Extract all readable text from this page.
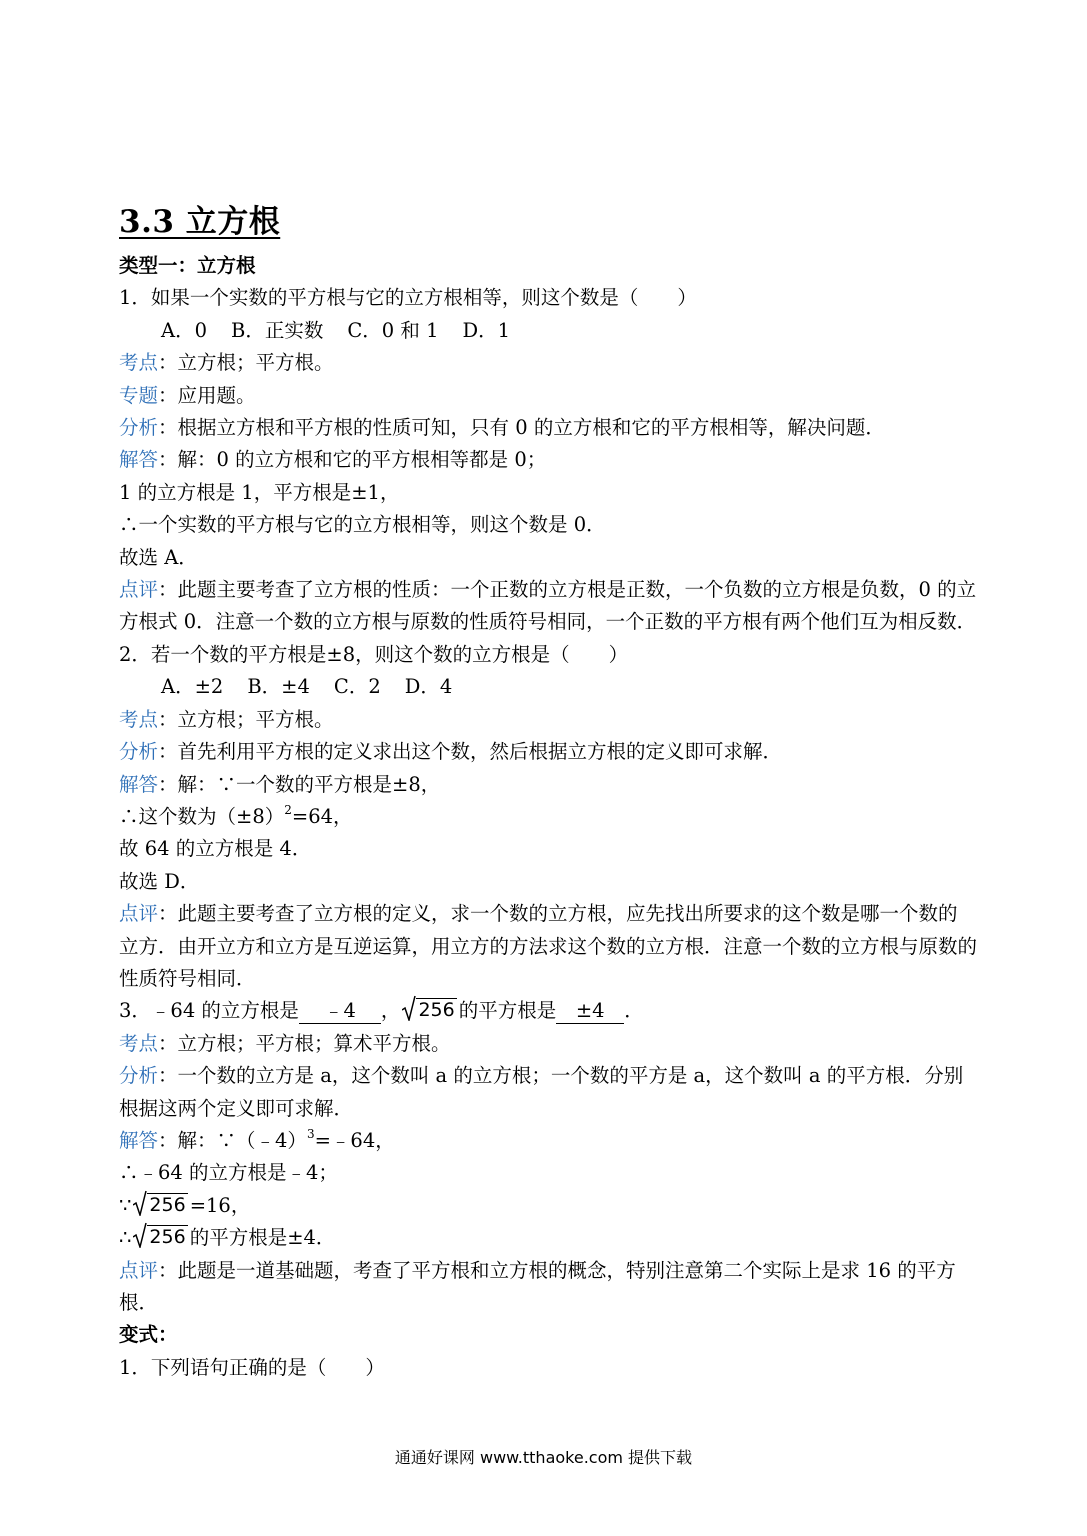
3.3 立方根
类型一：立方根
1．如果一个实数的平方根与它的立方根相等，则这个数是（　　）
A．0 B．正实数 C．0 和 1 D．1
考点：立方根；平方根。
专题：应用题。
分析：根据立方根和平方根的性质可知，只有 0 的立方根和它的平方根相等，解决问题．
解答：解：0 的立方根和它的平方根相等都是 0；
1 的立方根是 1，平方根是±1，
∴一个实数的平方根与它的立方根相等，则这个数是 0．
故选 A．
点评：此题主要考查了立方根的性质：一个正数的立方根是正数，一个负数的立方根是负数，0 的立方根式 0．注意一个数的立方根与原数的性质符号相同，一个正数的平方根有两个他们互为相反数．
2．若一个数的平方根是±8，则这个数的立方根是（　　）
A．±2 B．±4 C．2 D．4
考点：立方根；平方根。
分析：首先利用平方根的定义求出这个数，然后根据立方根的定义即可求解．
解答：解：∵一个数的平方根是±8，
∴这个数为$(\pm 8)^2=64$，
故 64 的立方根是 4．
故选 D．
点评：此题主要考查了立方根的定义，求一个数的立方根，应先找出所要求的这个数是哪一个数的立方．由开立方和立方是互逆运算，用立方的方法求这个数的立方根．注意一个数的立方根与原数的性质符号相同．
3．﹣64 的立方根是 ﹣4 ， 256 的平方根是 ±4 ．
考点：立方根；平方根；算术平方根。
分析：一个数的立方是 a，这个数叫 a 的立方根；一个数的平方是 a，这个数叫 a 的平方根．分别根据这两个定义即可求解．
解答：解：∵（﹣4）$^3$=﹣64，
∴﹣64 的立方根是﹣4；
∵ 256 =16，
∴ 256 的平方根是±4．
点评：此题是一道基础题，考查了平方根和立方根的概念，特别注意第二个实际上是求 16 的平方根．
变式：
1．下列语句正确的是（　　）
通通好课网 www.tthaoke.com 提供下载
